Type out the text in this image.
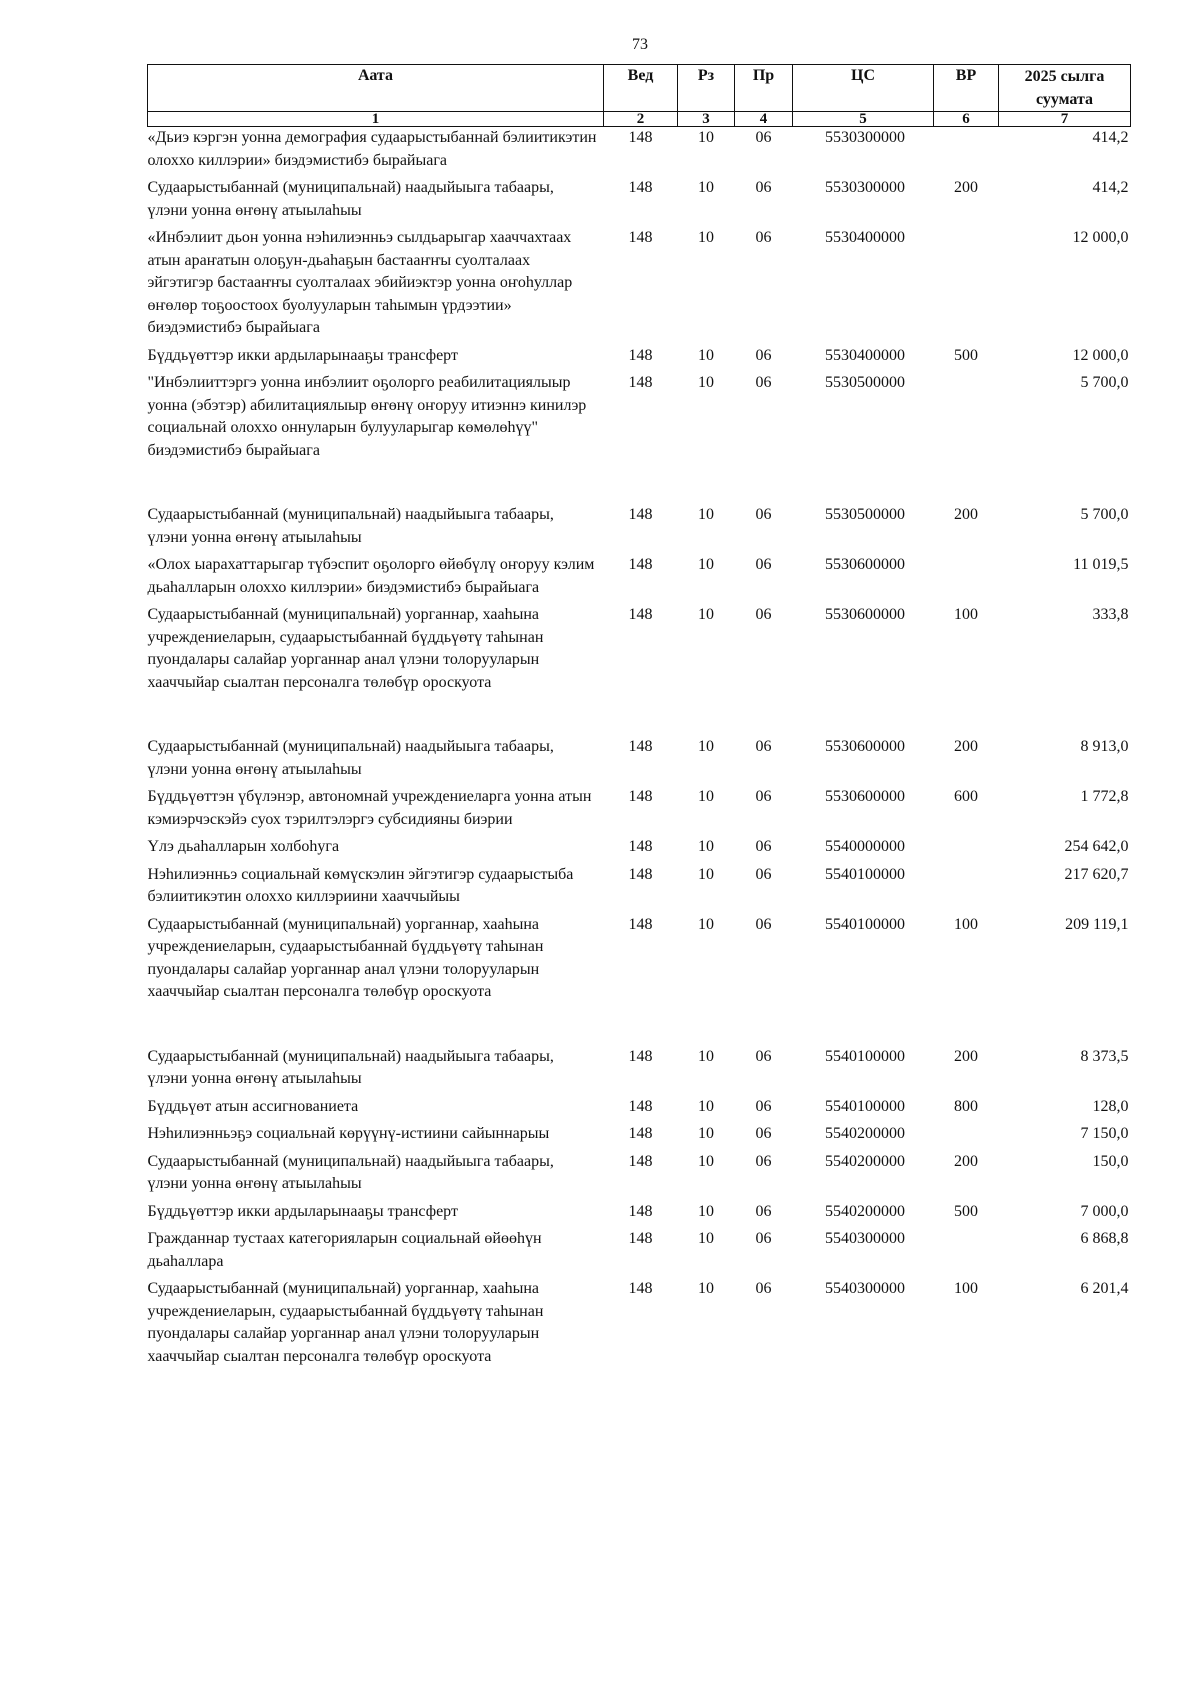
73
Аата	Вед	Рз	Пр	ЦС	ВР	2025 сылга суумата
1	2	3	4	5	6	7
«Дьиэ кэргэн уонна демография судаарыстыбаннай бэлиитикэтин олоххо киллэрии» биэдэмистибэ бырайыага	148	10	06	5530300000		414,2
Судаарыстыбаннай (муниципальнай) наадыйыыга табаары, үлэни уонна өҥөнү атыылаһыы	148	10	06	5530300000	200	414,2
«Инбэлиит дьон уонна нэһилиэнньэ сылдьарыгар хааччахтаах атын араҥатын олоҕун-дьаһаҕын бастааҥҥы суолталаах эйгэтигэр бастааҥҥы суолталаах эбийиэктэр уонна оҥоһуллар өҥөлөр тоҕоостоох буолууларын таһымын үрдээтии» биэдэмистибэ бырайыага	148	10	06	5530400000		12 000,0
Бүддьүөттэр икки ардыларынааҕы трансферт	148	10	06	5530400000	500	12 000,0
"Инбэлииттэргэ уонна инбэлиит оҕолорго реабилитациялыыр уонна (эбэтэр) абилитациялыыр өҥөнү оҥоруу итиэннэ кинилэр социальнай олоххо оннуларын булууларыгар көмөлөһүү" биэдэмистибэ бырайыага	148	10	06	5530500000		5 700,0
Судаарыстыбаннай (муниципальнай) наадыйыыга табаары, үлэни уонна өҥөнү атыылаһыы	148	10	06	5530500000	200	5 700,0
«Олох ыарахаттарыгар түбэспит оҕолорго өйөбүлү оҥоруу кэлим дьаһалларын олоххо киллэрии» биэдэмистибэ бырайыага	148	10	06	5530600000		11 019,5
Судаарыстыбаннай (муниципальнай) уорганнар, хааһына учреждениеларын, судаарыстыбаннай бүддьүөтү таһынан пуондалары салайар уорганнар анал үлэни толорууларын хааччыйар сыалтан персоналга төлөбүр ороскуота	148	10	06	5530600000	100	333,8
Судаарыстыбаннай (муниципальнай) наадыйыыга табаары, үлэни уонна өҥөнү атыылаһыы	148	10	06	5530600000	200	8 913,0
Бүддьүөттэн үбүлэнэр, автономнай учреждениеларга уонна атын кэмиэрчэскэйэ суох тэрилтэлэргэ субсидияны биэрии	148	10	06	5530600000	600	1 772,8
Үлэ дьаһалларын холбоһуга	148	10	06	5540000000		254 642,0
Нэһилиэнньэ социальнай көмүскэлин эйгэтигэр судаарыстыба бэлиитикэтин олоххо киллэриини хааччыйыы	148	10	06	5540100000		217 620,7
Судаарыстыбаннай (муниципальнай) уорганнар, хааһына учреждениеларын, судаарыстыбаннай бүддьүөтү таһынан пуондалары салайар уорганнар анал үлэни толорууларын хааччыйар сыалтан персоналга төлөбүр ороскуота	148	10	06	5540100000	100	209 119,1
Судаарыстыбаннай (муниципальнай) наадыйыыга табаары, үлэни уонна өҥөнү атыылаһыы	148	10	06	5540100000	200	8 373,5
Бүддьүөт атын ассигнованиета	148	10	06	5540100000	800	128,0
Нэһилиэнньэҕэ социальнай көрүүнү-истиини сайыннарыы	148	10	06	5540200000		7 150,0
Судаарыстыбаннай (муниципальнай) наадыйыыга табаары, үлэни уонна өҥөнү атыылаһыы	148	10	06	5540200000	200	150,0
Бүддьүөттэр икки ардыларынааҕы трансферт	148	10	06	5540200000	500	7 000,0
Гражданнар тустаах категорияларын социальнай өйөөһүн дьаһаллара	148	10	06	5540300000		6 868,8
Судаарыстыбаннай (муниципальнай) уорганнар, хааһына учреждениеларын, судаарыстыбаннай бүддьүөтү таһынан пуондалары салайар уорганнар анал үлэни толорууларын хааччыйар сыалтан персоналга төлөбүр ороскуота	148	10	06	5540300000	100	6 201,4
